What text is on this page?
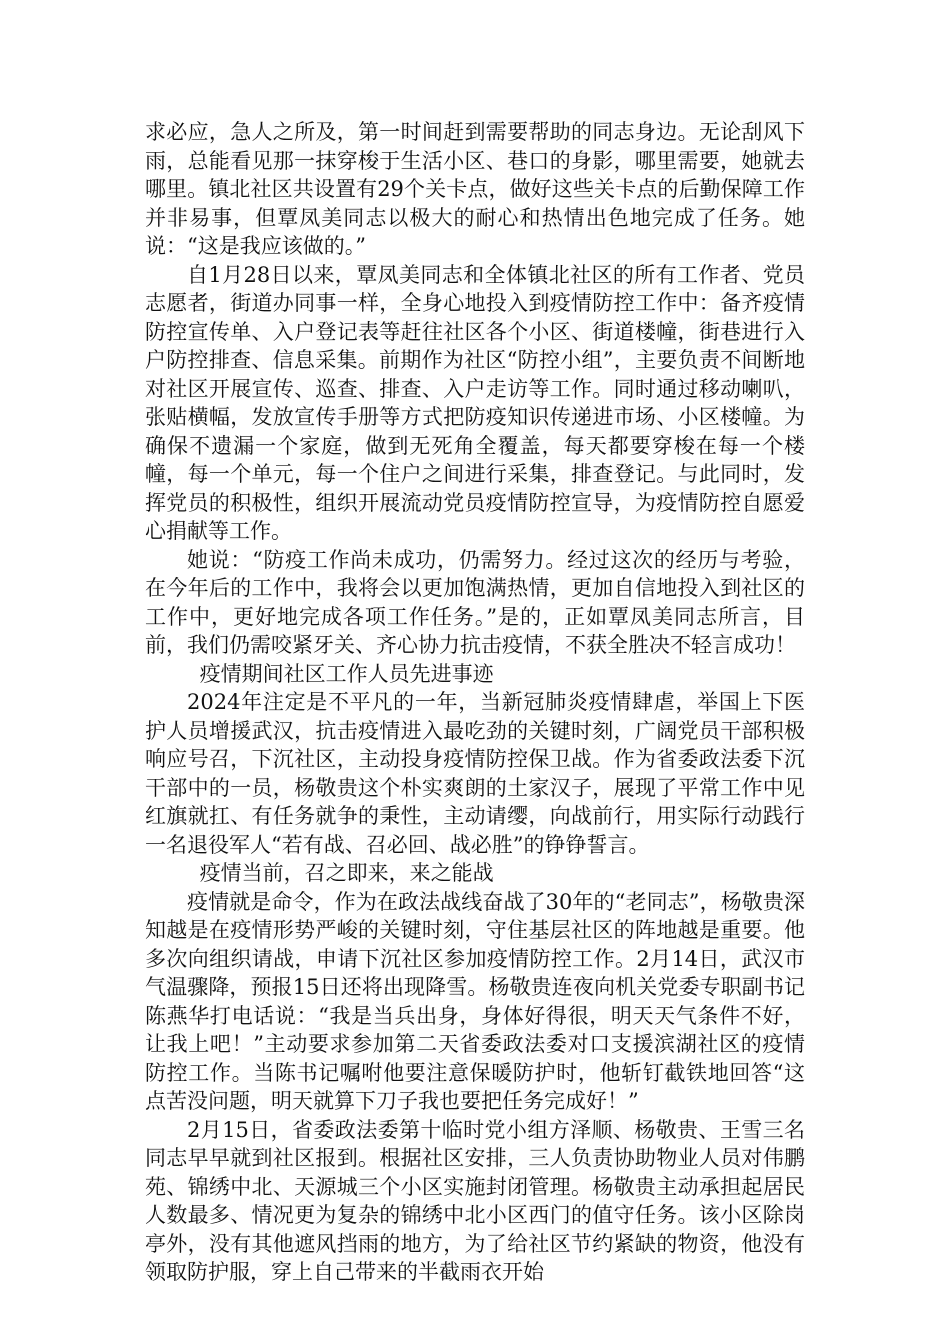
求必应，急人之所及，第一时间赶到需要帮助的同志身边。无论刮风下雨，总能看见那一抹穿梭于生活小区、巷口的身影，哪里需要，她就去哪里。镇北社区共设置有29个关卡点，做好这些关卡点的后勤保障工作并非易事，但覃凤美同志以极大的耐心和热情出色地完成了任务。她说：“这是我应该做的。”

自1月28日以来，覃凤美同志和全体镇北社区的所有工作者、党员志愿者，街道办同事一样，全身心地投入到疫情防控工作中：备齐疫情防控宣传单、入户登记表等赶往社区各个小区、街道楼幢，街巷进行入户防控排查、信息采集。前期作为社区“防控小组”，主要负责不间断地对社区开展宣传、巡查、排查、入户走访等工作。同时通过移动喇叭，张贴横幅，发放宣传手册等方式把防疫知识传递进市场、小区楼幢。为确保不遗漏一个家庭，做到无死角全覆盖，每天都要穿梭在每一个楼幢，每一个单元，每一个住户之间进行采集，排查登记。与此同时，发挥党员的积极性，组织开展流动党员疫情防控宣导，为疫情防控自愿爱心捐献等工作。

她说：“防疫工作尚未成功，仍需努力。经过这次的经历与考验，在今年后的工作中，我将会以更加饱满热情，更加自信地投入到社区的工作中，更好地完成各项工作任务。”是的，正如覃凤美同志所言，目前，我们仍需咬紧牙关、齐心协力抗击疫情，不获全胜决不轻言成功！

疫情期间社区工作人员先进事迹

2024年注定是不平凡的一年，当新冠肺炎疫情肆虐，举国上下医护人员增援武汉，抗击疫情进入最吃劲的关键时刻，广阔党员干部积极响应号召，下沉社区，主动投身疫情防控保卫战。作为省委政法委下沉干部中的一员，杨敬贵这个朴实爽朗的土家汉子，展现了平常工作中见红旗就扛、有任务就争的秉性，主动请缨，向战前行，用实际行动践行一名退役军人“若有战、召必回、战必胜”的铮铮誓言。

疫情当前，召之即来，来之能战

疫情就是命令，作为在政法战线奋战了30年的“老同志”，杨敬贵深知越是在疫情形势严峻的关键时刻，守住基层社区的阵地越是重要。他多次向组织请战，申请下沉社区参加疫情防控工作。2月14日，武汉市气温骤降，预报15日还将出现降雪。杨敬贵连夜向机关党委专职副书记陈燕华打电话说：“我是当兵出身，身体好得很，明天天气条件不好，让我上吧！”主动要求参加第二天省委政法委对口支援滨湖社区的疫情防控工作。当陈书记嘱咐他要注意保暖防护时，他斩钉截铁地回答“这点苦没问题，明天就算下刀子我也要把任务完成好！”

2月15日，省委政法委第十临时党小组方泽顺、杨敬贵、王雪三名同志早早就到社区报到。根据社区安排，三人负责协助物业人员对伟鹏苑、锦绣中北、天源城三个小区实施封闭管理。杨敬贵主动承担起居民人数最多、情况更为复杂的锦绣中北小区西门的值守任务。该小区除岗亭外，没有其他遮风挡雨的地方，为了给社区节约紧缺的物资，他没有领取防护服，穿上自己带来的半截雨衣开始
